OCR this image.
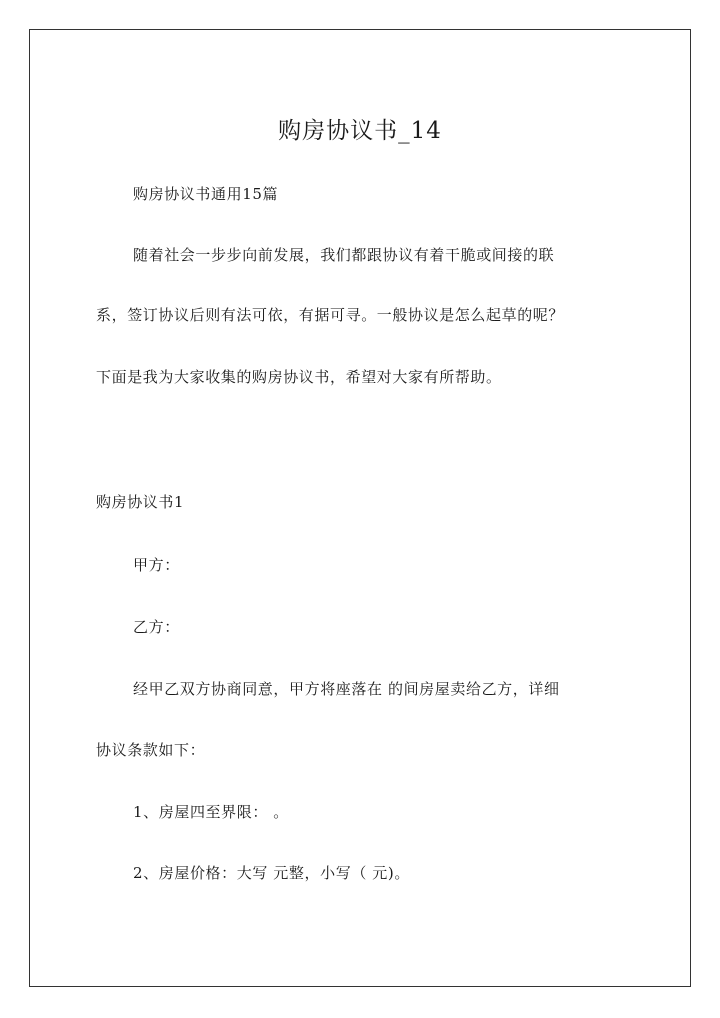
购房协议书_14
购房协议书通用15篇
随着社会一步步向前发展，我们都跟协议有着干脆或间接的联
系，签订协议后则有法可依，有据可寻。一般协议是怎么起草的呢？
下面是我为大家收集的购房协议书，希望对大家有所帮助。
购房协议书1
甲方：
乙方：
经甲乙双方协商同意，甲方将座落在 的间房屋卖给乙方，详细
协议条款如下：
1、房屋四至界限： 。
2、房屋价格：大写 元整，小写（ 元)。
